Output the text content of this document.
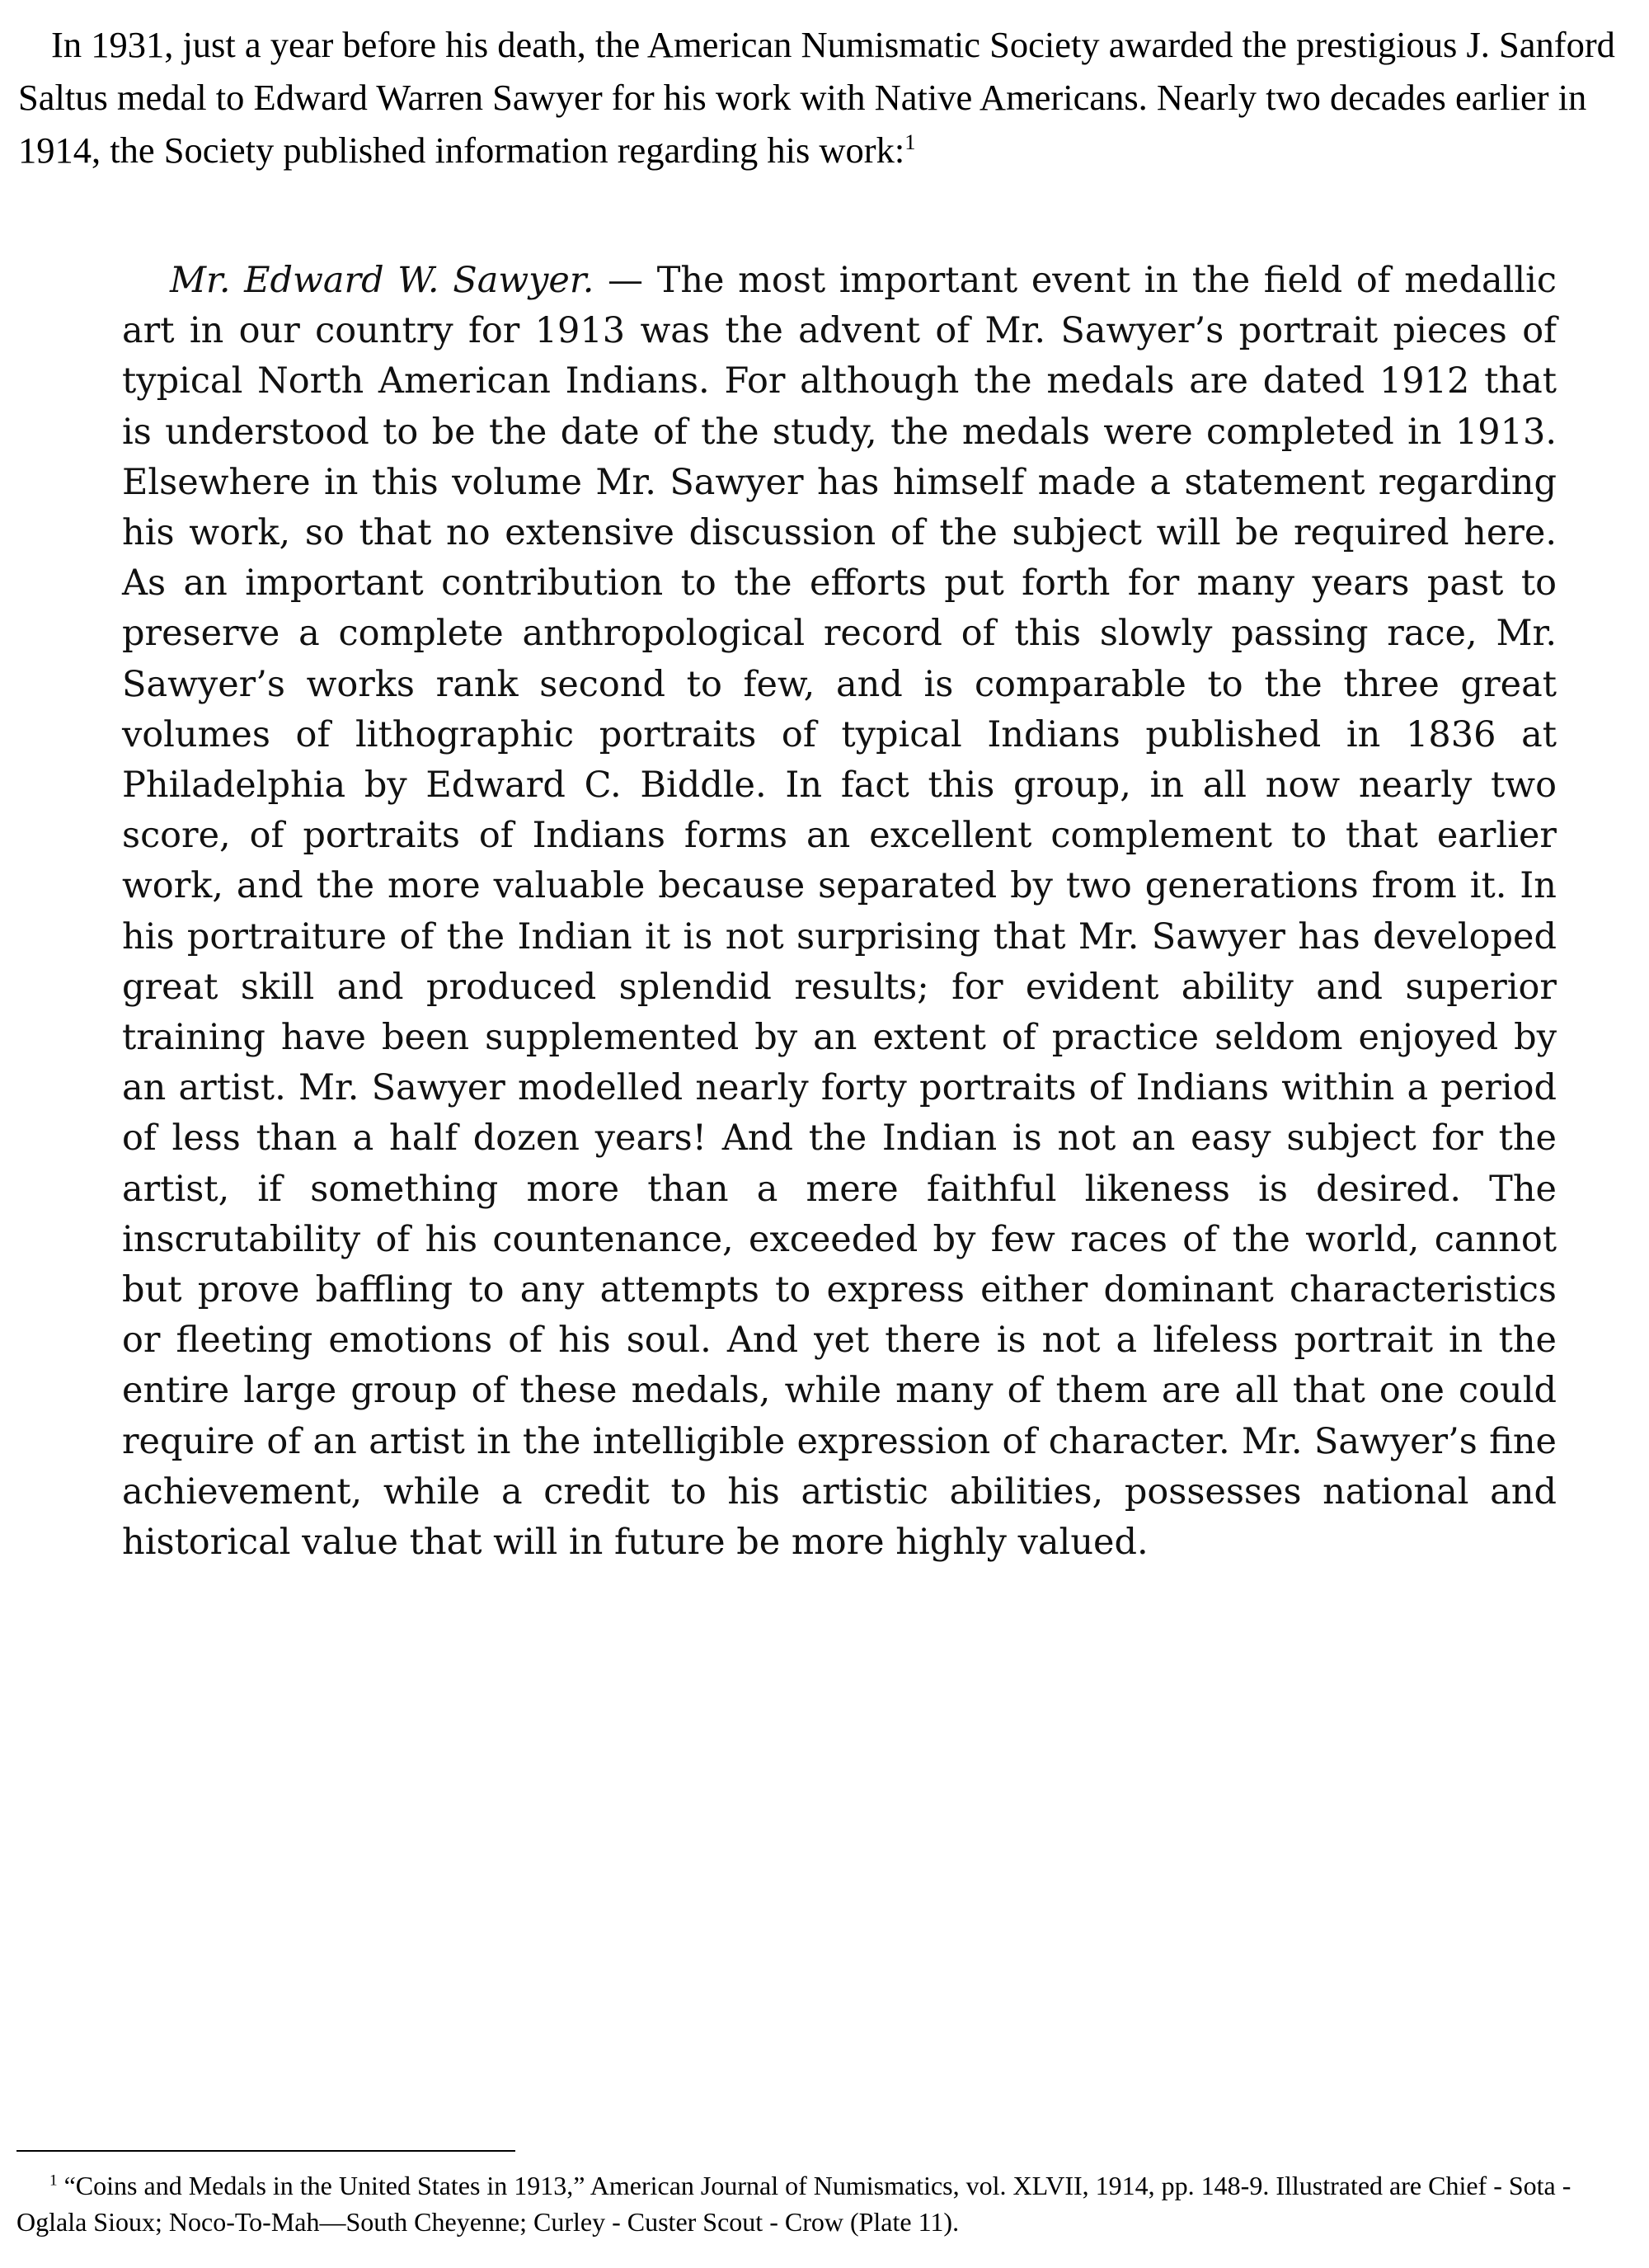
In 1931, just a year before his death, the American Numismatic Society awarded the prestigious J. Sanford Saltus medal to Edward Warren Sawyer for his work with Native Americans. Nearly two decades earlier in 1914, the Society published information regarding his work:$^1$

Mr. Edward W. Sawyer. — The most important event in the field of medallic art in our country for 1913 was the advent of Mr. Sawyer’s portrait pieces of typical North American Indians. For although the medals are dated 1912 that is understood to be the date of the study, the medals were completed in 1913. Elsewhere in this volume Mr. Sawyer has himself made a statement regarding his work, so that no extensive discussion of the subject will be required here. As an important contribution to the efforts put forth for many years past to preserve a complete anthropological record of this slowly passing race, Mr. Sawyer’s works rank second to few, and is comparable to the three great volumes of lithographic portraits of typical Indians published in 1836 at Philadelphia by Edward C. Biddle. In fact this group, in all now nearly two score, of portraits of Indians forms an excellent complement to that earlier work, and the more valuable because separated by two generations from it. In his portraiture of the Indian it is not surprising that Mr. Sawyer has developed great skill and produced splendid results; for evident ability and superior training have been supplemented by an extent of practice seldom enjoyed by an artist. Mr. Sawyer modelled nearly forty portraits of Indians within a period of less than a half dozen years! And the Indian is not an easy subject for the artist, if something more than a mere faithful likeness is desired. The inscrutability of his countenance, exceeded by few races of the world, cannot but prove baffling to any attempts to express either dominant characteristics or fleeting emotions of his soul. And yet there is not a lifeless portrait in the entire large group of these medals, while many of them are all that one could require of an artist in the intelligible expression of character. Mr. Sawyer’s fine achievement, while a credit to his artistic abilities, possesses national and historical value that will in future be more highly valued.

$^1$ “Coins and Medals in the United States in 1913,” American Journal of Numismatics, vol. XLVII, 1914, pp. 148-9. Illustrated are Chief - Sota - Oglala Sioux; Noco-To-Mah—South Cheyenne; Curley - Custer Scout - Crow (Plate 11).
